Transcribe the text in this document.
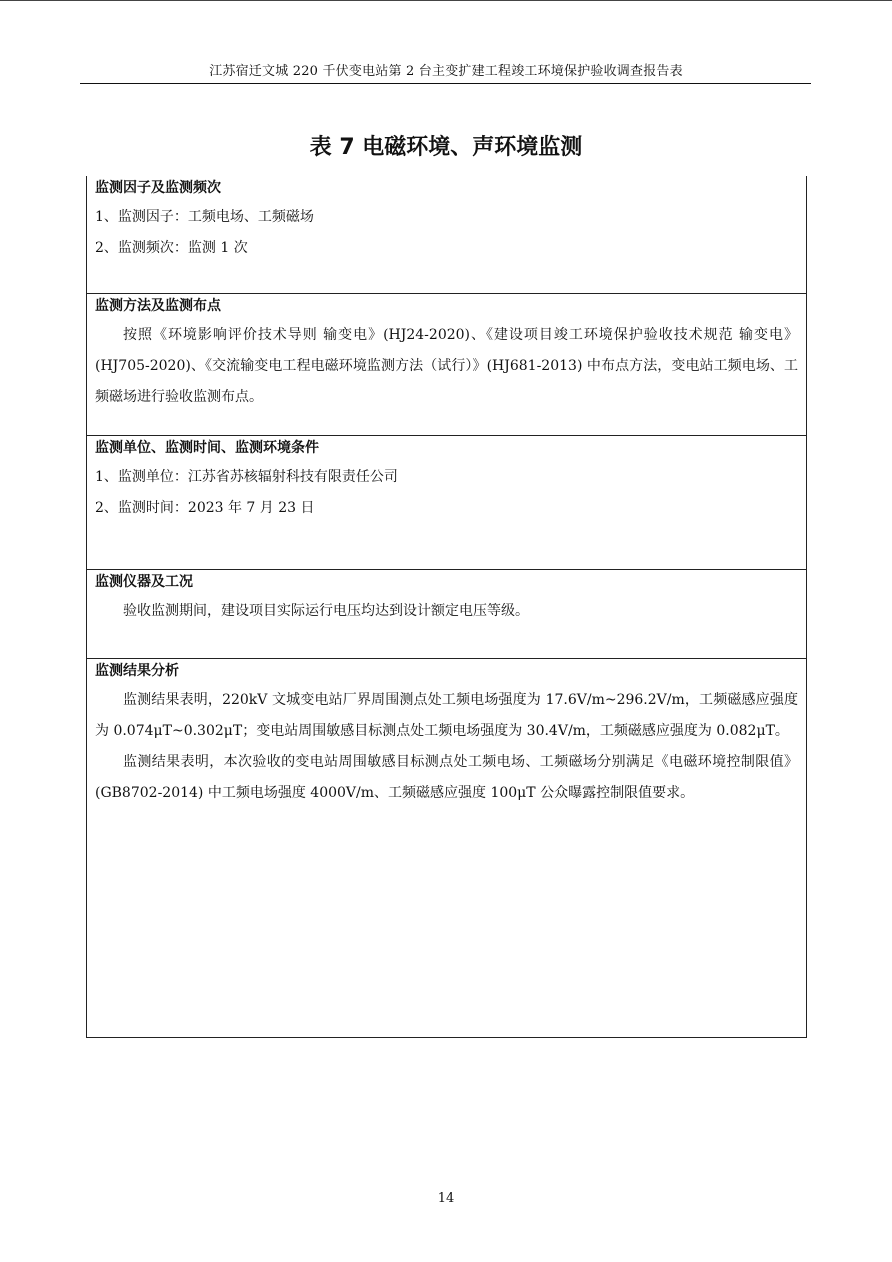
江苏宿迁文城 220 千伏变电站第 2 台主变扩建工程竣工环境保护验收调查报告表
表 7 电磁环境、声环境监测
监测因子及监测频次

1、监测因子：工频电场、工频磁场

2、监测频次：监测 1 次

监测方法及监测布点

按照《环境影响评价技术导则 输变电》(HJ24-2020)、《建设项目竣工环境保护验收技术规范 输变电》(HJ705-2020)、《交流输变电工程电磁环境监测方法（试行）》(HJ681-2013) 中布点方法，变电站工频电场、工频磁场进行验收监测布点。

监测单位、监测时间、监测环境条件

1、监测单位：江苏省苏核辐射科技有限责任公司

2、监测时间：2023 年 7 月 23 日

监测仪器及工况

验收监测期间，建设项目实际运行电压均达到设计额定电压等级。

监测结果分析

监测结果表明，220kV 文城变电站厂界周围测点处工频电场强度为 17.6V/m~296.2V/m，工频磁感应强度为 0.074μT~0.302μT；变电站周围敏感目标测点处工频电场强度为 30.4V/m，工频磁感应强度为 0.082μT。

监测结果表明，本次验收的变电站周围敏感目标测点处工频电场、工频磁场分别满足《电磁环境控制限值》(GB8702-2014) 中工频电场强度 4000V/m、工频磁感应强度 100μT 公众曝露控制限值要求。

14
